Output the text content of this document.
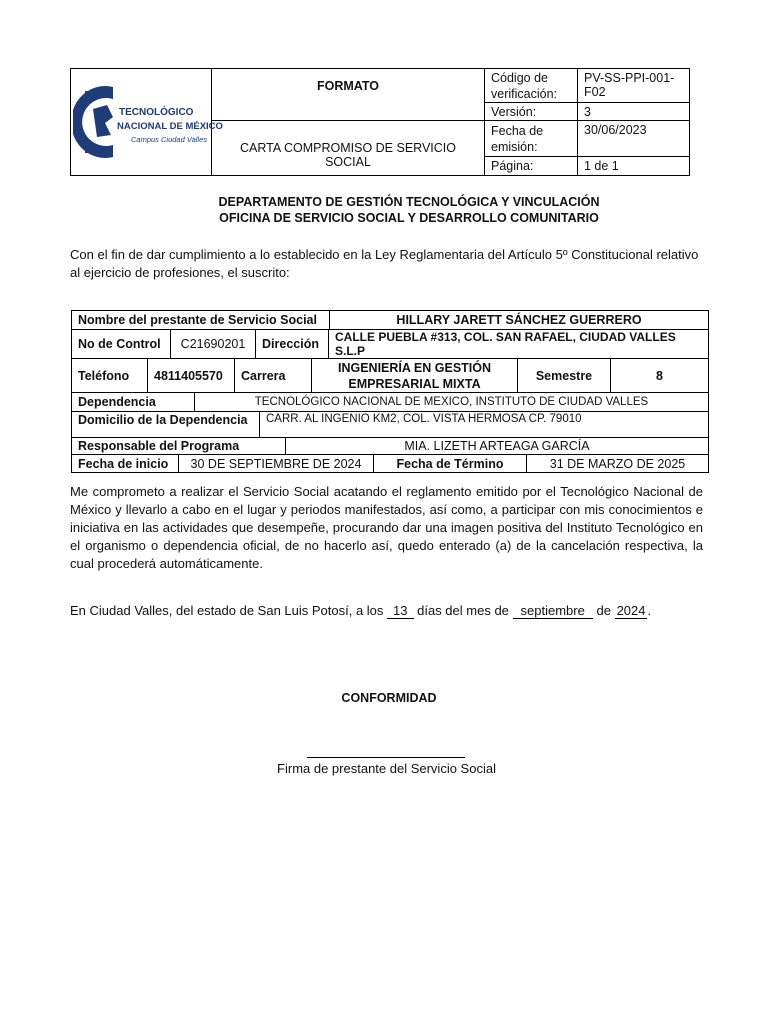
TECNOLÓGICO
NACIONAL DE MÉXICO
Campus Ciudad Valles	FORMATO	Código de verificación:	PV-SS-PPI-001-F02
		Versión:	3
	CARTA COMPROMISO DE SERVICIO SOCIAL	Fecha de emisión:	30/06/2023
		Página:	1 de 1
DEPARTAMENTO DE GESTIÓN TECNOLÓGICA Y VINCULACIÓN
OFICINA DE SERVICIO SOCIAL Y DESARROLLO COMUNITARIO
Con el fin de dar cumplimiento a lo establecido en la Ley Reglamentaria del Artículo 5º Constitucional relativo al ejercicio de profesiones, el suscrito:
Nombre del prestante de Servicio Social	HILLARY JARETT SÁNCHEZ GUERRERO
No de Control	C21690201	Dirección	CALLE PUEBLA #313, COL. SAN RAFAEL, CIUDAD VALLES S.L.P
Teléfono	4811405570	Carrera	INGENIERÍA EN GESTIÓN EMPRESARIAL MIXTA	Semestre	8
Dependencia	TECNOLÓGICO NACIONAL DE MEXICO, INSTITUTO DE CIUDAD VALLES
Domicilio de la Dependencia	CARR. AL INGENIO KM2, COL. VISTA HERMOSA CP. 79010
Responsable del Programa	MIA. LIZETH ARTEAGA GARCÍA
Fecha de inicio	30 DE SEPTIEMBRE DE 2024	Fecha de Término	31 DE MARZO DE 2025
Me comprometo a realizar el Servicio Social acatando el reglamento emitido por el Tecnológico Nacional de México y llevarlo a cabo en el lugar y periodos manifestados, así como, a participar con mis conocimientos e iniciativa en las actividades que desempeñe, procurando dar una imagen positiva del Instituto Tecnológico en el organismo o dependencia oficial, de no hacerlo así, quedo enterado (a) de la cancelación respectiva, la cual procederá automáticamente.
En Ciudad Valles, del estado de San Luis Potosí, a los 13 días del mes de septiembre de 2024 .
CONFORMIDAD
Firma de prestante del Servicio Social
